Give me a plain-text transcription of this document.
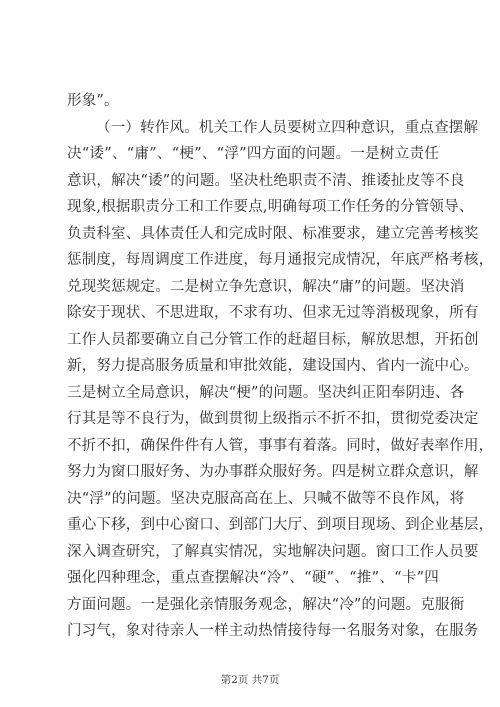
形象”。
（一）转作风。机关工作人员要树立四种意识，重点查摆解
决“诿”、“庸”、“梗”、“浮”四方面的问题。一是树立责任
意识，解决“诿”的问题。坚决杜绝职责不清、推诿扯皮等不良
现象,根据职责分工和工作要点,明确每项工作任务的分管领导、
负责科室、具体责任人和完成时限、标准要求，建立完善考核奖
惩制度，每周调度工作进度，每月通报完成情况，年底严格考核，
兑现奖惩规定。二是树立争先意识，解决“庸”的问题。坚决消
除安于现状、不思进取，不求有功、但求无过等消极现象，所有
工作人员都要确立自己分管工作的赶超目标，解放思想，开拓创
新，努力提高服务质量和审批效能，建设国内、省内一流中心。
三是树立全局意识，解决“梗”的问题。坚决纠正阳奉阴违、各
行其是等不良行为，做到贯彻上级指示不折不扣，贯彻党委决定
不折不扣，确保件件有人管，事事有着落。同时，做好表率作用，
努力为窗口服好务、为办事群众服好务。四是树立群众意识，解
决“浮”的问题。坚决克服高高在上、只喊不做等不良作风，将
重心下移，到中心窗口、到部门大厅、到项目现场、到企业基层，
深入调查研究，了解真实情况，实地解决问题。窗口工作人员要
强化四种理念，重点查摆解决“冷”、“硬”、“推”、“卡”四
方面问题。一是强化亲情服务观念，解决“冷”的问题。克服衙
门习气，象对待亲人一样主动热情接待每一名服务对象，在服务
第2页 共7页
